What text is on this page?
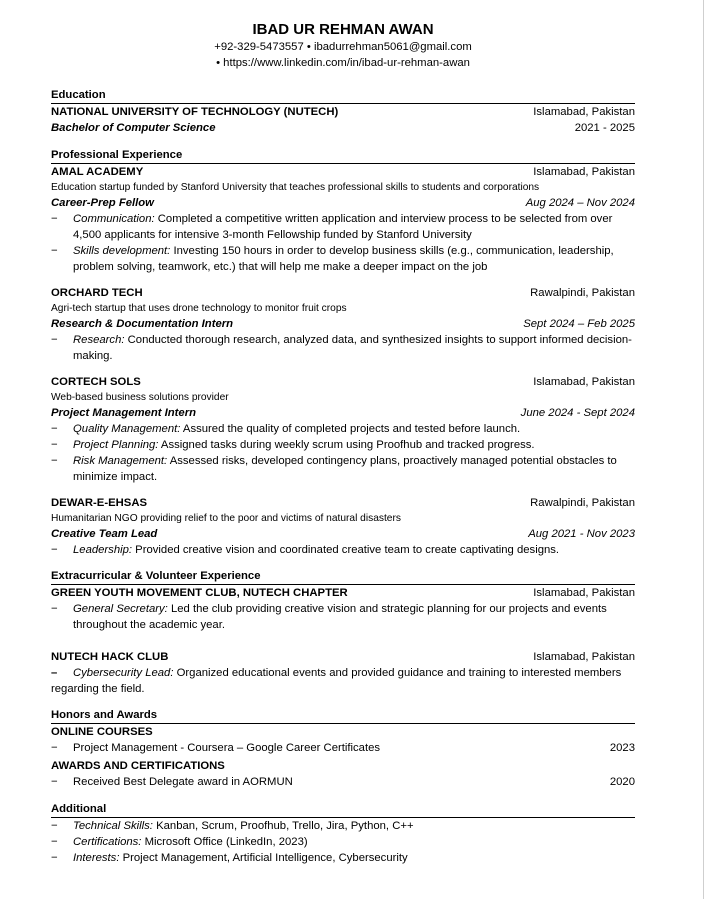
IBAD UR REHMAN AWAN
+92-329-5473557 • ibadurrehman5061@gmail.com
• https://www.linkedin.com/in/ibad-ur-rehman-awan
Education
NATIONAL UNIVERSITY OF TECHNOLOGY (NUTECH)	Islamabad, Pakistan
Bachelor of Computer Science	2021 - 2025
Professional Experience
AMAL ACADEMY	Islamabad, Pakistan
Education startup funded by Stanford University that teaches professional skills to students and corporations
Career-Prep Fellow	Aug 2024 – Nov 2024
−	Communication: Completed a competitive written application and interview process to be selected from over 4,500 applicants for intensive 3-month Fellowship funded by Stanford University
−	Skills development: Investing 150 hours in order to develop business skills (e.g., communication, leadership, problem solving, teamwork, etc.) that will help me make a deeper impact on the job
ORCHARD TECH	Rawalpindi, Pakistan
Agri-tech startup that uses drone technology to monitor fruit crops
Research & Documentation Intern	Sept 2024 – Feb 2025
−	Research: Conducted thorough research, analyzed data, and synthesized insights to support informed decision-making.
CORTECH SOLS	Islamabad, Pakistan
Web-based business solutions provider
Project Management Intern	June 2024 - Sept 2024
−	Quality Management: Assured the quality of completed projects and tested before launch.
−	Project Planning: Assigned tasks during weekly scrum using Proofhub and tracked progress.
−	Risk Management: Assessed risks, developed contingency plans, proactively managed potential obstacles to minimize impact.
DEWAR-E-EHSAS	Rawalpindi, Pakistan
Humanitarian NGO providing relief to the poor and victims of natural disasters
Creative Team Lead	Aug 2021 - Nov 2023
−	Leadership: Provided creative vision and coordinated creative team to create captivating designs.
Extracurricular & Volunteer Experience
GREEN YOUTH MOVEMENT CLUB, NUTECH CHAPTER	Islamabad, Pakistan
−	General Secretary: Led the club providing creative vision and strategic planning for our projects and events throughout the academic year.
NUTECH HACK CLUB	Islamabad, Pakistan
– Cybersecurity Lead: Organized educational events and provided guidance and training to interested members regarding the field.
Honors and Awards
ONLINE COURSES
−	Project Management - Coursera – Google Career Certificates	2023
AWARDS AND CERTIFICATIONS
−	Received Best Delegate award in AORMUN	2020
Additional
−	Technical Skills: Kanban, Scrum, Proofhub, Trello, Jira, Python, C++
−	Certifications: Microsoft Office (LinkedIn, 2023)
−	Interests: Project Management, Artificial Intelligence, Cybersecurity
